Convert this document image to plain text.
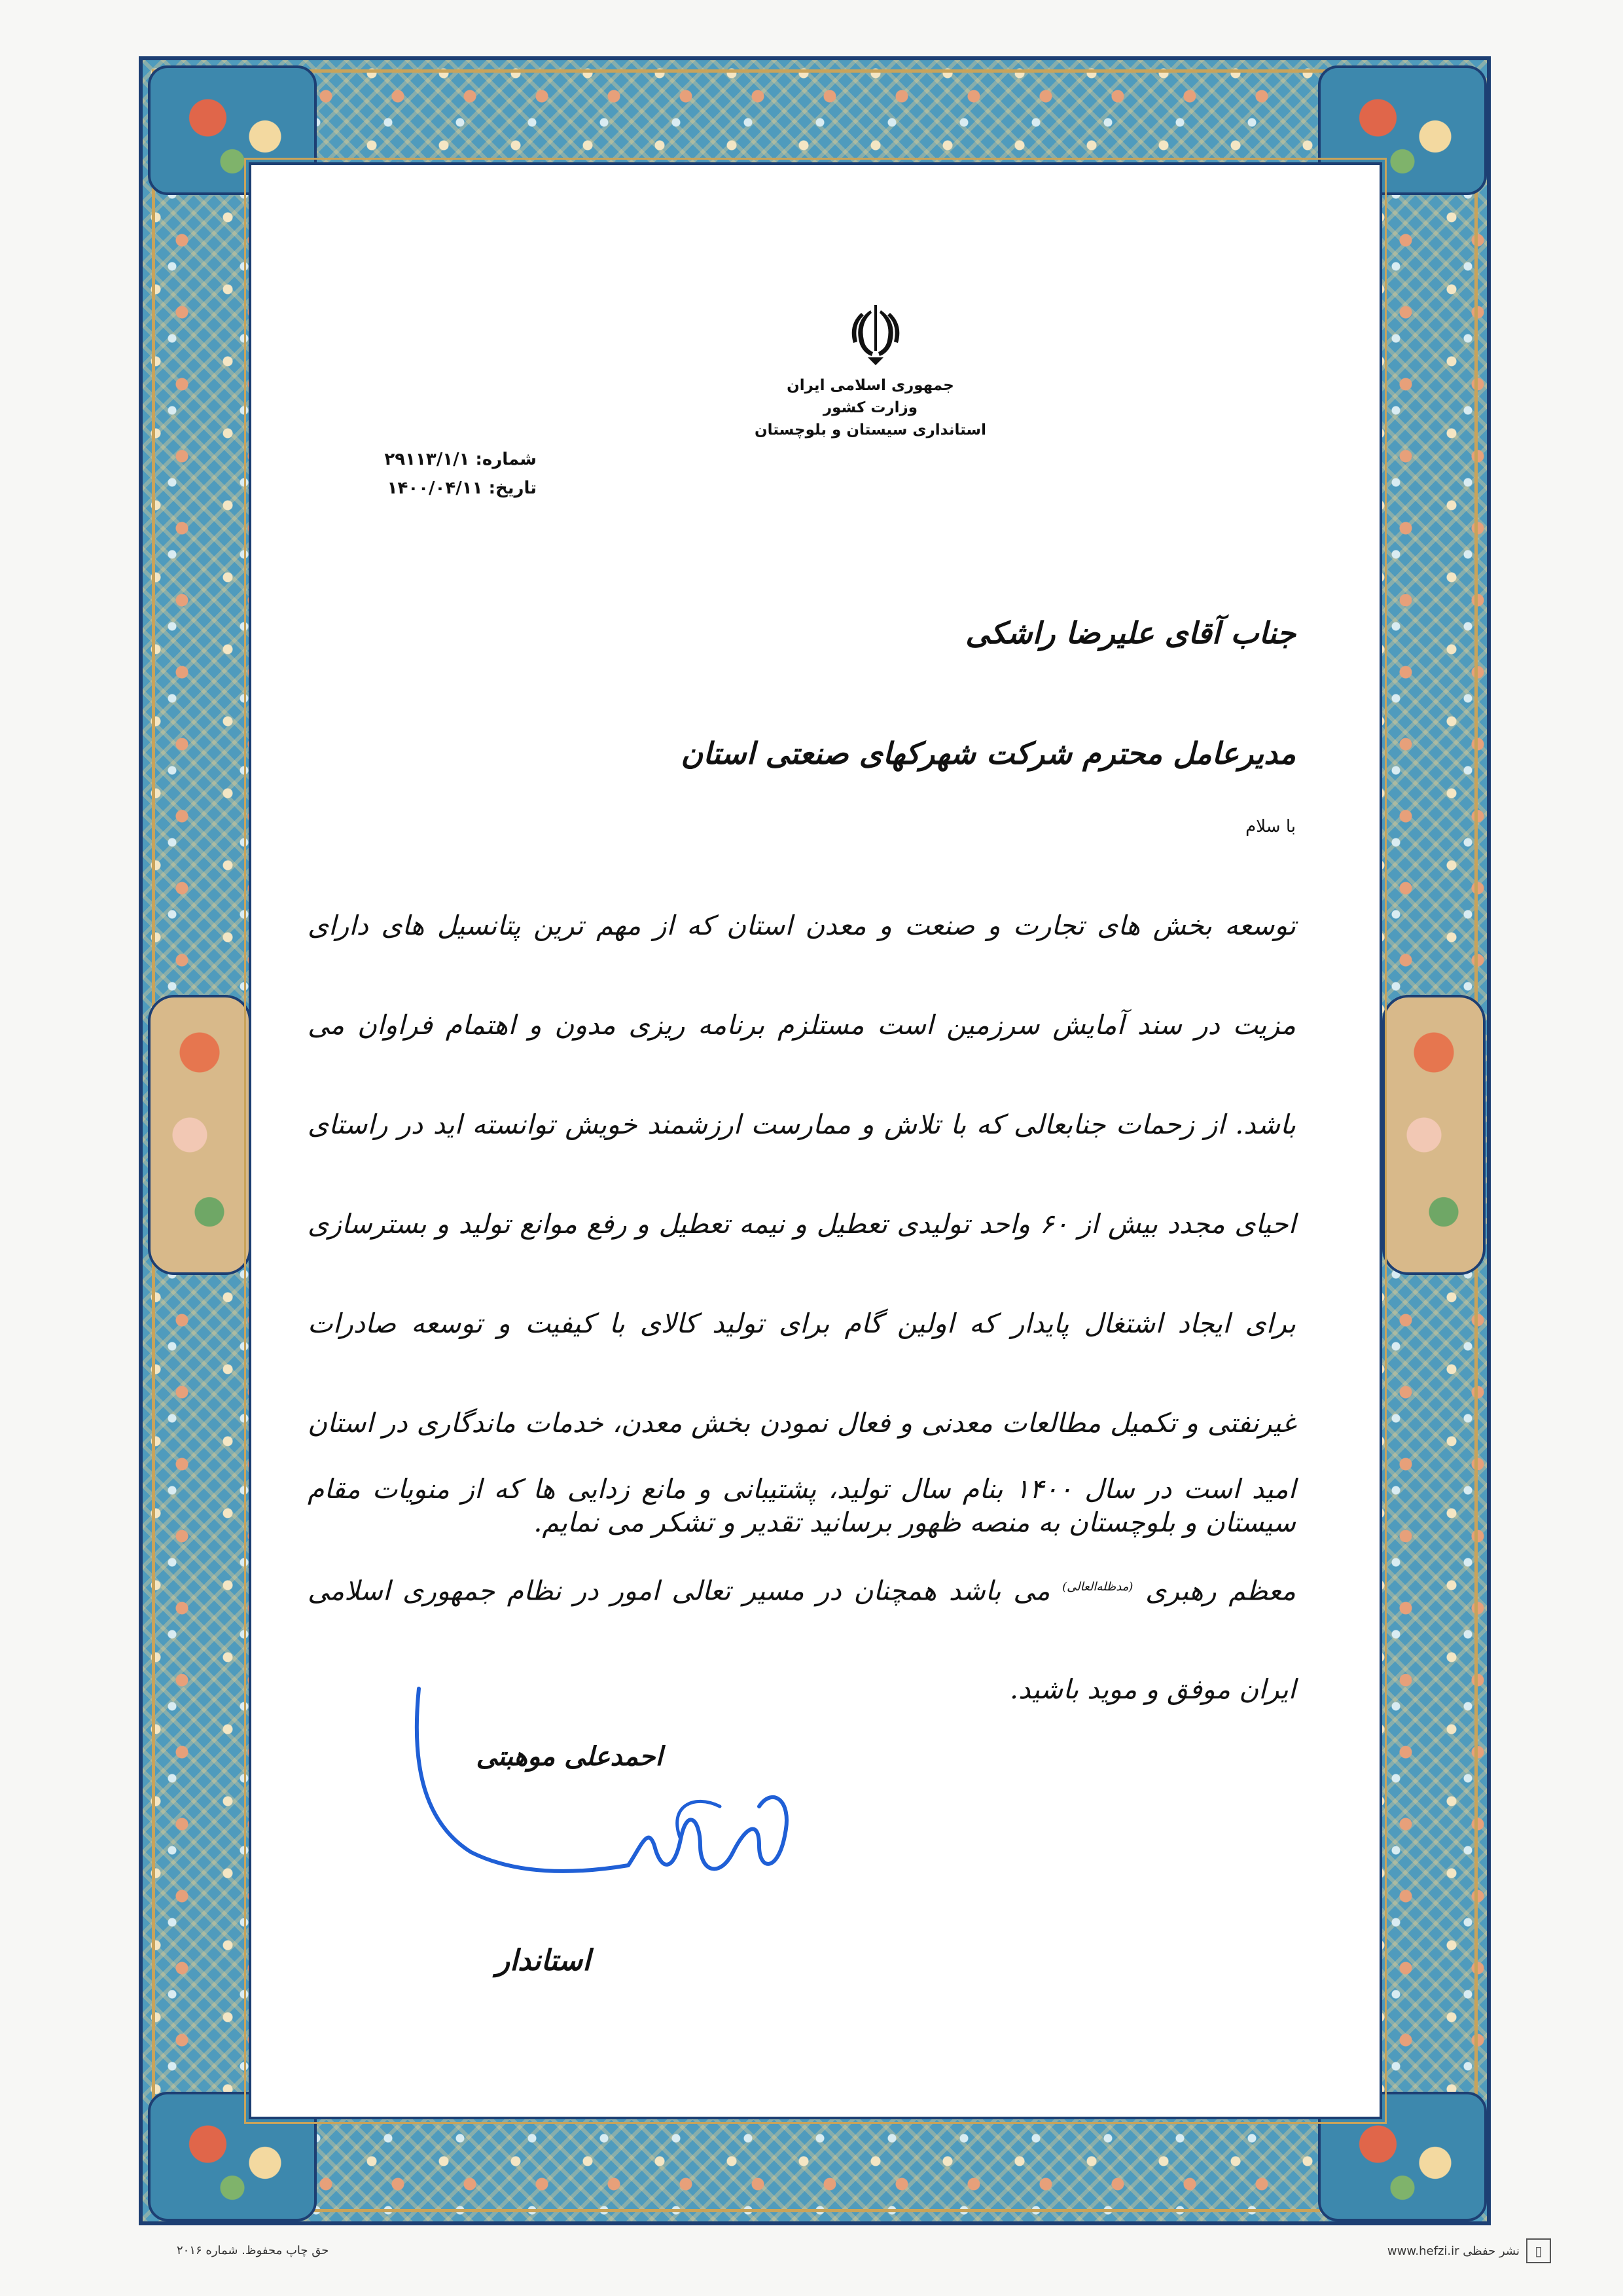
جمهوری اسلامی ایران
وزارت کشور
استانداری سیستان و بلوچستان
شماره: ۲۹۱۱۳/۱/۱
تاریخ: ۱۴۰۰/۰۴/۱۱
جناب آقای علیرضا راشکی
مدیرعامل محترم شرکت شهرکهای صنعتی استان
با سلام
توسعه بخش های تجارت و صنعت و معدن استان که از مهم ترین پتانسیل های دارای مزیت در سند آمایش سرزمین است مستلزم برنامه ریزی مدون و اهتمام فراوان می باشد. از زحمات جنابعالی که با تلاش و ممارست ارزشمند خویش توانسته اید در راستای احیای مجدد بیش از ۶۰ واحد تولیدی تعطیل و نیمه تعطیل و رفع موانع تولید و بسترسازی برای ایجاد اشتغال پایدار که اولین گام برای تولید کالای با کیفیت و توسعه صادرات غیرنفتی و تکمیل مطالعات معدنی و فعال نمودن بخش معدن، خدمات ماندگاری در استان سیستان و بلوچستان به منصه ظهور برسانید تقدیر و تشکر می نمایم.
امید است در سال ۱۴۰۰ بنام سال تولید، پشتیبانی و مانع زدایی ها که از منویات مقام معظم رهبری $^{(مدظله‌العالی)}$ می باشد همچنان در مسیر تعالی امور در نظام جمهوری اسلامی ایران موفق و موید باشید.
احمدعلی موهبتی
استاندار
حق چاپ محفوظ. شماره ۲۰۱۶	▯
نشر حفظی www.hefzi.ir
